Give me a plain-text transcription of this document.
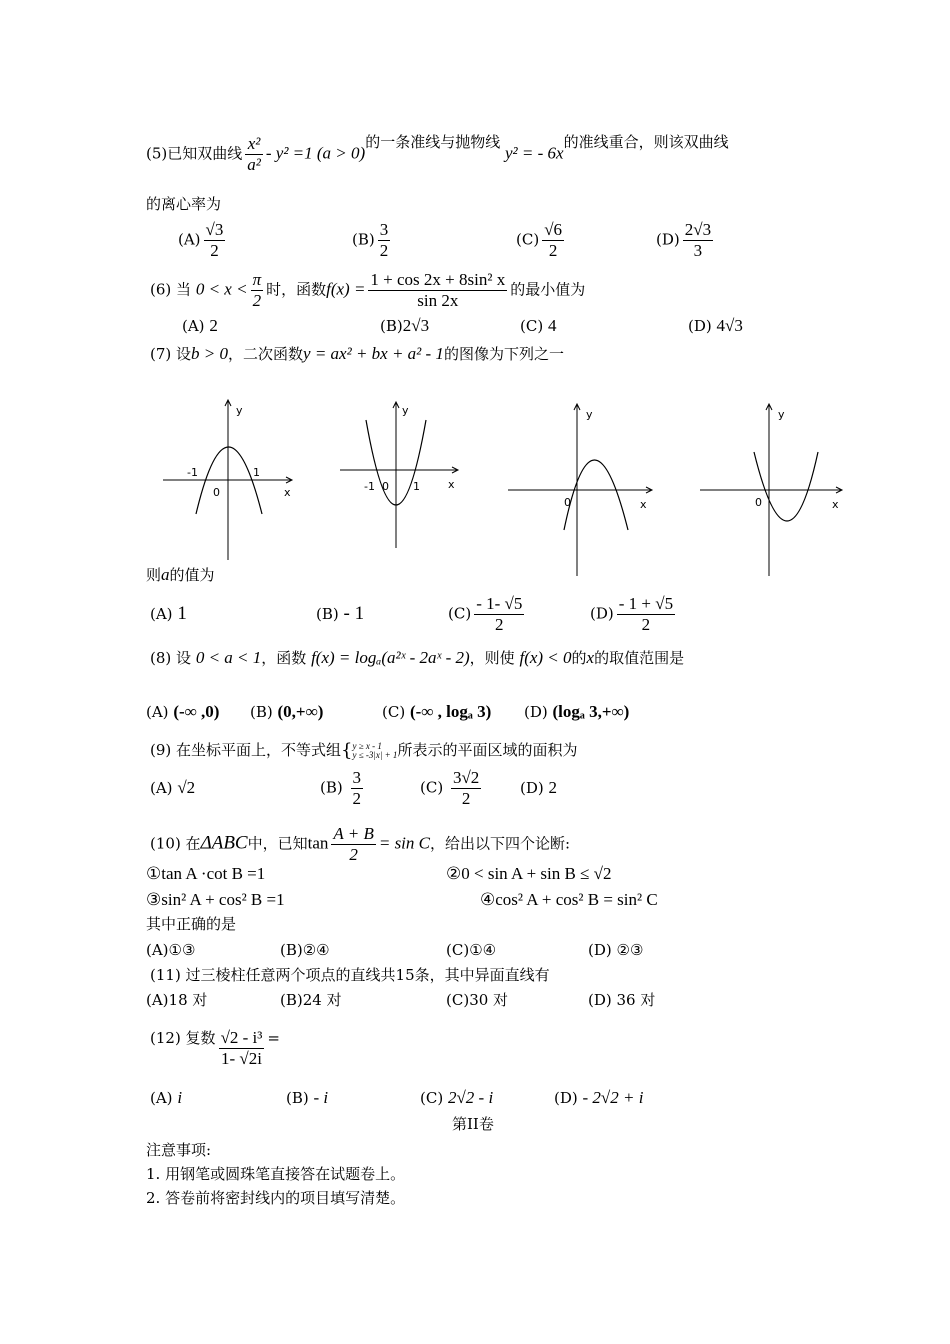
(5)已知双曲线 $\frac{\text{x²}}{\text{a²}} - y^2 =1$ (a > 0)的一条准线与抛物线 y² = - 6x的准线重合，则该双曲线
的离心率为
$(A) \frac{√3}{2}$	$(B) \frac{3}{2}$	$(C) \frac{√6}{2}$	$(D) \frac{2√3}{3}$
(6) 当 $0 < x < \frac{\pi}{2}$ 时，函数$f(x) = \frac{\text{1 + cos 2x + 8sin² x}}{\sin 2x}$ 的最小值为
(A) 2	(B)2√3	(C) 4	(D) 4√3
(7) 设b > 0，二次函数y = ax² + bx + a² - 1的图像为下列之一
y
x
0
-1	1
y
x
0
-1	1
y
x
0
y
x
0
则a的值为
(A) 1	(B) - 1	$(C) \frac{- 1- √5}{2}$	$(D) \frac{- 1 + √5}{2}$
(8) 设 0 < a < 1，函数 f(x) = logₐ(a²ˣ - 2aˣ - 2)，则使 f(x) < 0的x的取值范围是
(A) (-∞ ,0) (B) (0,+∞)	(C) (-∞ , logₐ 3) (D) (logₐ 3,+∞)
(9) 在坐标平面上，不等式组{ y ≥ x - 1
y ≤ -3|x| + 1 所表示的平面区域的面积为
(A) √2	$(B) \frac{3}{2}$	$(C) \frac{3√2}{2}$	(D) 2
(10) 在ΔABC中，已知$\tan \frac{A + B}{2} = \sin C$，给出以下四个论断:
①tan A ·cot B =1	②0 < sin A + sin B ≤ √2
③sin² A + cos² B =1	④cos² A + cos² B = sin² C
其中正确的是
(A)①③	(B)②④	(C)①④	(D) ②③
(11) 过三棱柱任意两个项点的直线共15条，其中异面直线有
(A)18 对	(B)24 对	(C)30 对	(D) 36 对
(12) 复数 $\frac{\text{√2 - i³}}{1- √2i}$ =
(A) i	(B) - i	(C) 2√2 - i	(D) - 2√2 + i
第II卷
注意事项:
1. 用钢笔或圆珠笔直接答在试题卷上。
2. 答卷前将密封线内的项目填写清楚。
